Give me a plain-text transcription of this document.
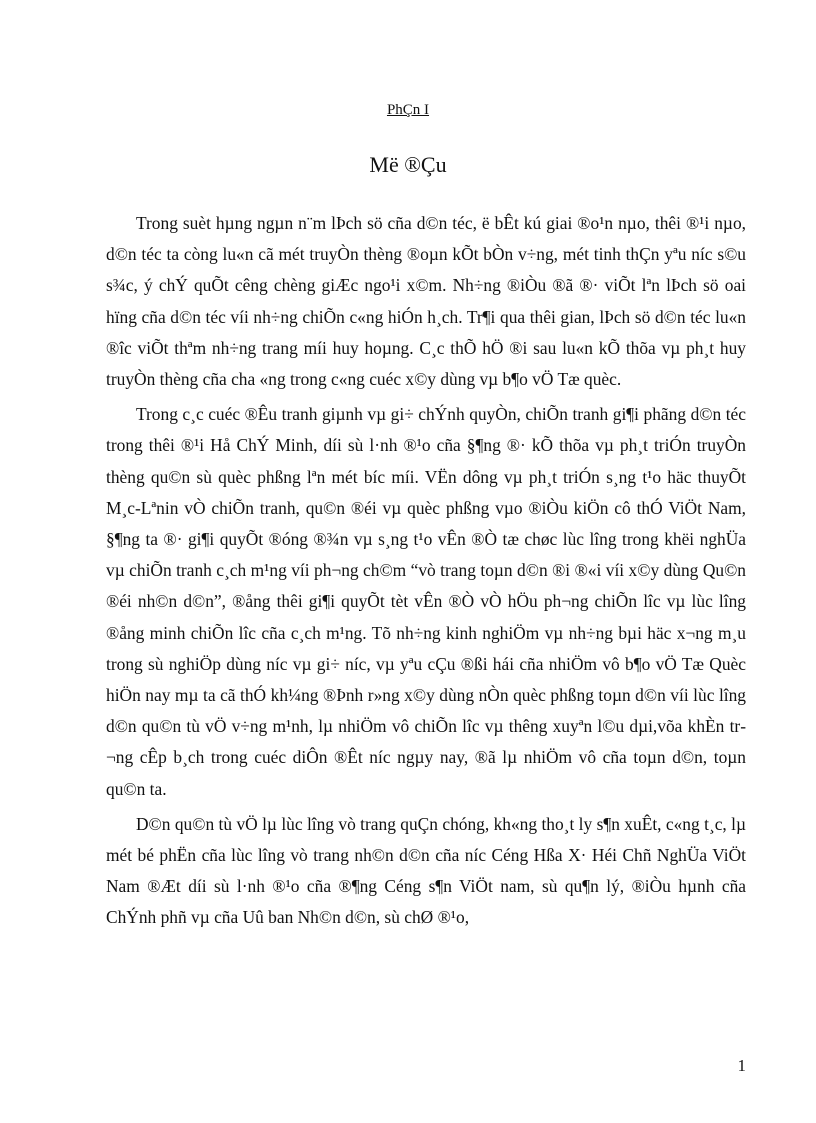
PhÇn I
Më ®Çu

Trong suèt hµng ngµn n¨m lÞch sö cña d©n téc, ë bÊt kú giai ®o¹n nµo, thêi ®¹i nµo, d©n téc ta còng lu«n cã mét truyÒn thèng ®oµn kÕt bÒn v÷ng, mét tinh thÇn yªu níc s©u s¾c, ý chÝ quÕt cêng chèng giÆc ngo¹i x©m. Nh÷ng ®iÒu ®ã ®· viÕt lªn lÞch sö oai hïng cña d©n téc víi nh÷ng chiÕn c«ng hiÓn h¸ch. Tr¶i qua thêi gian, lÞch sö d©n téc lu«n ®îc viÕt thªm nh÷ng trang míi huy hoµng. C¸c thÕ hÖ ®i sau lu«n kÕ thõa vµ ph¸t huy truyÒn thèng cña cha «ng trong c«ng cuéc x©y dùng vµ b¶o vÖ Tæ quèc.

Trong c¸c cuéc ®Êu tranh giµnh vµ gi÷ chÝnh quyÒn, chiÕn tranh gi¶i phãng d©n téc trong thêi ®¹i Hå ChÝ Minh, díi sù l·nh ®¹o cña §¶ng ®· kÕ thõa vµ ph¸t triÓn truyÒn thèng qu©n sù quèc phßng lªn mét bíc míi. VËn dông vµ ph¸t triÓn s¸ng t¹o häc thuyÕt M¸c-Lªnin vÒ chiÕn tranh, qu©n ®éi vµ quèc phßng vµo ®iÒu kiÖn cô thÓ ViÖt Nam, §¶ng ta ®· gi¶i quyÕt ®óng ®¾n vµ s¸ng t¹o vÊn ®Ò tæ chøc lùc lîng trong khëi nghÜa vµ chiÕn tranh c¸ch m¹ng víi ph¬ng ch©m “vò trang toµn d©n ®i ®«i víi x©y dùng Qu©n ®éi nh©n d©n”, ®ång thêi gi¶i quyÕt tèt vÊn ®Ò vÒ hÖu ph¬ng chiÕn lîc vµ lùc lîng ®ång minh chiÕn lîc cña c¸ch m¹ng. Tõ nh÷ng kinh nghiÖm vµ nh÷ng bµi häc x¬ng m¸u trong sù nghiÖp dùng níc vµ gi÷ níc, vµ yªu cÇu ®ßi hái cña nhiÖm vô b¶o vÖ Tæ Quèc hiÖn nay mµ ta cã thÓ kh¼ng ®Þnh r»ng x©y dùng nÒn quèc phßng toµn d©n víi lùc lîng d©n qu©n tù vÖ v÷ng m¹nh, lµ nhiÖm vô chiÕn lîc vµ thêng xuyªn l©u dµi,võa khÈn tr¬ng cÊp b¸ch trong cuéc diÔn ®Êt níc ngµy nay, ®ã lµ nhiÖm vô cña toµn d©n, toµn qu©n ta.

D©n qu©n tù vÖ lµ lùc lîng vò trang quÇn chóng, kh«ng tho¸t ly s¶n xuÊt, c«ng t¸c, lµ mét bé phËn cña lùc lîng vò trang nh©n d©n cña níc Céng Hßa X· Héi Chñ NghÜa ViÖt Nam ®Æt díi sù l·nh ®¹o cña ®¶ng Céng s¶n ViÖt nam, sù qu¶n lý, ®iÒu hµnh cña ChÝnh phñ vµ cña Uû ban Nh©n d©n, sù chØ ®¹o,

1
